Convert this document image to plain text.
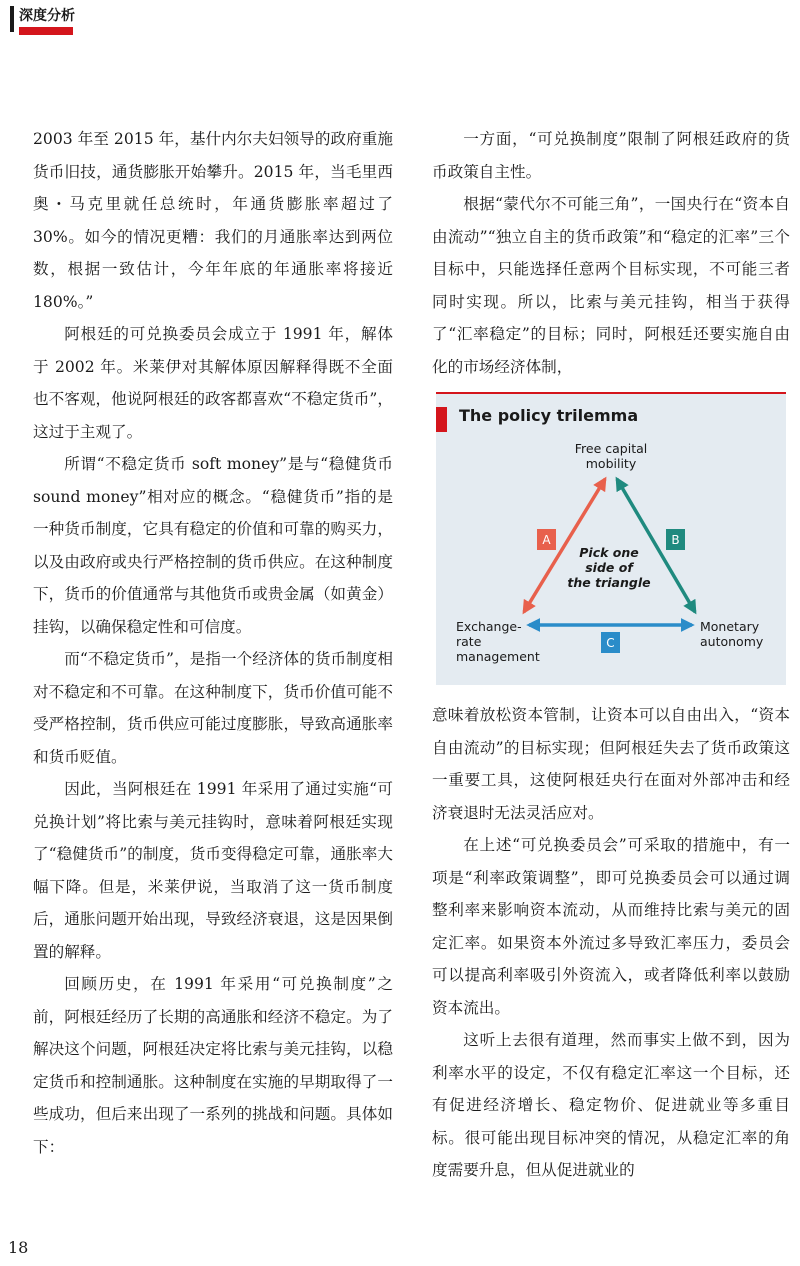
深度分析

2003 年至 2015 年，基什内尔夫妇领导的政府重施货币旧技，通货膨胀开始攀升。2015 年，当毛里西奥・马克里就任总统时，年通货膨胀率超过了 30%。如今的情况更糟：我们的月通胀率达到两位数，根据一致估计，今年年底的年通胀率将接近 180%。”

阿根廷的可兑换委员会成立于 1991 年，解体于 2002 年。米莱伊对其解体原因解释得既不全面也不客观，他说阿根廷的政客都喜欢“不稳定货币”，这过于主观了。

所谓“不稳定货币 soft money”是与“稳健货币 sound money”相对应的概念。“稳健货币”指的是一种货币制度，它具有稳定的价值和可靠的购买力，以及由政府或央行严格控制的货币供应。在这种制度下，货币的价值通常与其他货币或贵金属（如黄金）挂钩，以确保稳定性和可信度。

而“不稳定货币”，是指一个经济体的货币制度相对不稳定和不可靠。在这种制度下，货币价值可能不受严格控制，货币供应可能过度膨胀，导致高通胀率和货币贬值。

因此，当阿根廷在 1991 年采用了通过实施“可兑换计划”将比索与美元挂钩时，意味着阿根廷实现了“稳健货币”的制度，货币变得稳定可靠，通胀率大幅下降。但是，米莱伊说，当取消了这一货币制度后，通胀问题开始出现，导致经济衰退，这是因果倒置的解释。

回顾历史，在 1991 年采用“可兑换制度”之前，阿根廷经历了长期的高通胀和经济不稳定。为了解决这个问题，阿根廷决定将比索与美元挂钩，以稳定货币和控制通胀。这种制度在实施的早期取得了一些成功，但后来出现了一系列的挑战和问题。具体如下：

一方面，“可兑换制度”限制了阿根廷政府的货币政策自主性。

根据“蒙代尔不可能三角”，一国央行在“资本自由流动”“独立自主的货币政策”和“稳定的汇率”三个目标中，只能选择任意两个目标实现，不可能三者同时实现。所以，比索与美元挂钩，相当于获得了“汇率稳定”的目标；同时，阿根廷还要实施自由化的市场经济体制，

The policy trilemma
A	B
C
Free capital
mobility
Exchange-
rate
management
Monetary
autonomy
Pick one
side of
the triangle

意味着放松资本管制，让资本可以自由出入，“资本自由流动”的目标实现；但阿根廷失去了货币政策这一重要工具，这使阿根廷央行在面对外部冲击和经济衰退时无法灵活应对。

在上述“可兑换委员会”可采取的措施中，有一项是“利率政策调整”，即可兑换委员会可以通过调整利率来影响资本流动，从而维持比索与美元的固定汇率。如果资本外流过多导致汇率压力，委员会可以提高利率吸引外资流入，或者降低利率以鼓励资本流出。

这听上去很有道理，然而事实上做不到，因为利率水平的设定，不仅有稳定汇率这一个目标，还有促进经济增长、稳定物价、促进就业等多重目标。很可能出现目标冲突的情况，从稳定汇率的角度需要升息，但从促进就业的

18
